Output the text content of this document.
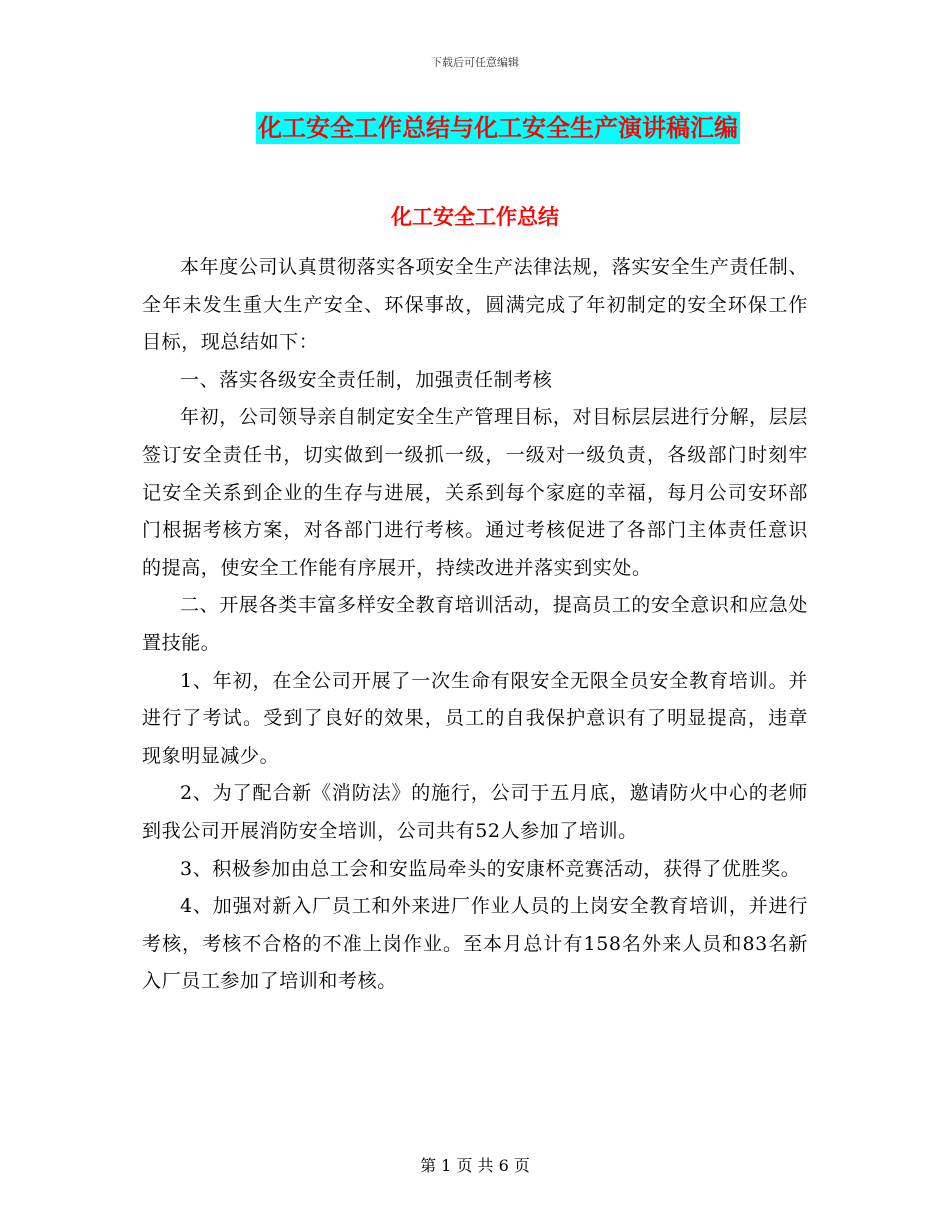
下载后可任意编辑
化工安全工作总结与化工安全生产演讲稿汇编
化工安全工作总结

本年度公司认真贯彻落实各项安全生产法律法规，落实安全生产责任制、全年未发生重大生产安全、环保事故，圆满完成了年初制定的安全环保工作目标，现总结如下：

一、落实各级安全责任制，加强责任制考核

年初，公司领导亲自制定安全生产管理目标，对目标层层进行分解，层层签订安全责任书，切实做到一级抓一级，一级对一级负责，各级部门时刻牢记安全关系到企业的生存与进展，关系到每个家庭的幸福，每月公司安环部门根据考核方案，对各部门进行考核。通过考核促进了各部门主体责任意识的提高，使安全工作能有序展开，持续改进并落实到实处。

二、开展各类丰富多样安全教育培训活动，提高员工的安全意识和应急处置技能。

1、年初，在全公司开展了一次生命有限安全无限全员安全教育培训。并进行了考试。受到了良好的效果，员工的自我保护意识有了明显提高，违章现象明显减少。

2、为了配合新《消防法》的施行，公司于五月底，邀请防火中心的老师到我公司开展消防安全培训，公司共有52人参加了培训。

3、积极参加由总工会和安监局牵头的安康杯竞赛活动，获得了优胜奖。

4、加强对新入厂员工和外来进厂作业人员的上岗安全教育培训，并进行考核，考核不合格的不准上岗作业。至本月总计有158名外来人员和83名新入厂员工参加了培训和考核。

第 1 页 共 6 页
